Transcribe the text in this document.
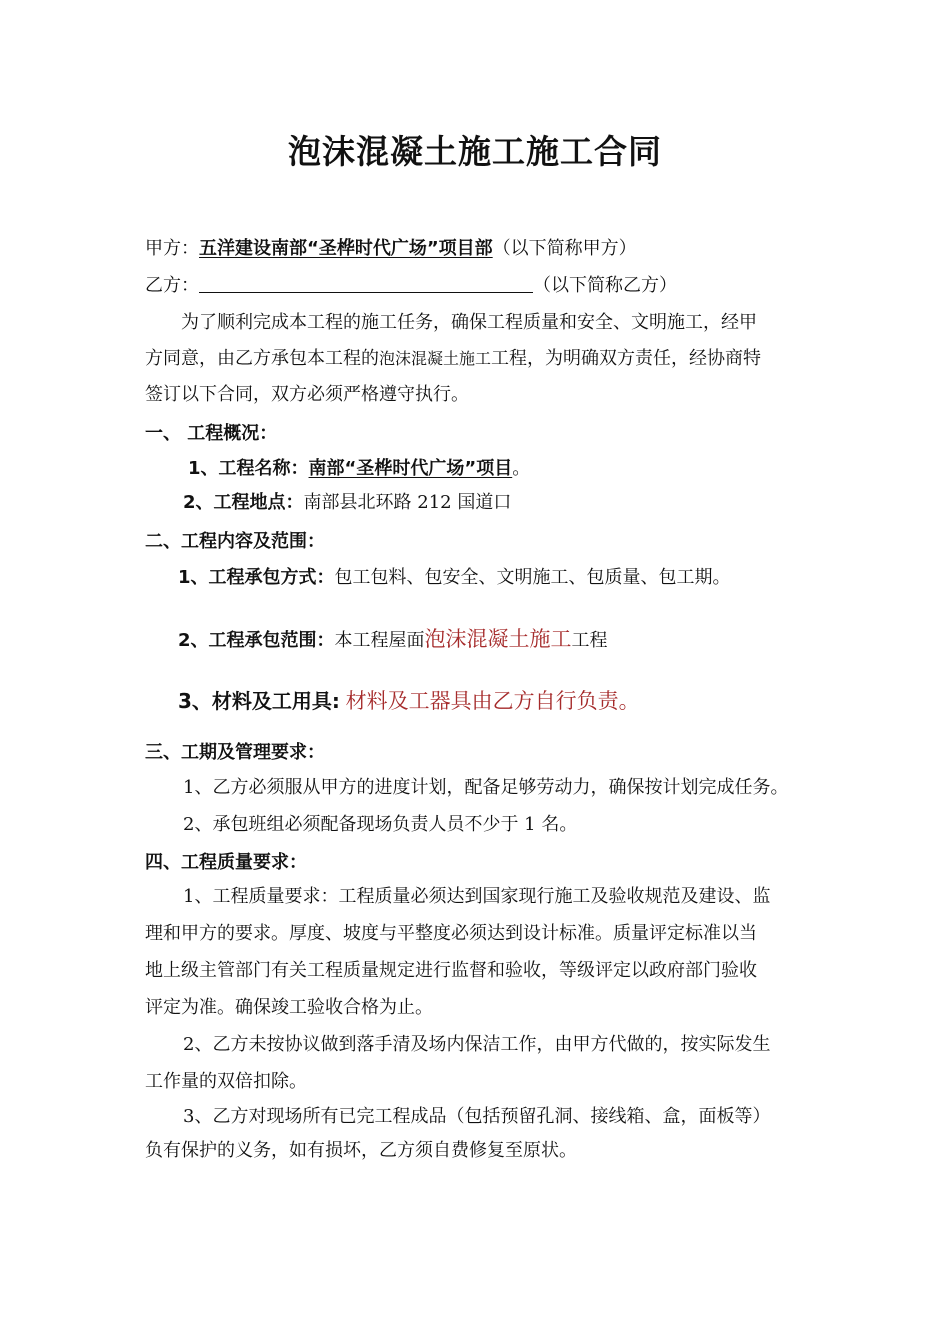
泡沫混凝土施工施工合同
甲方：五洋建设南部“圣桦时代广场”项目部（以下简称甲方）
乙方：	（以下简称乙方）
为了顺利完成本工程的施工任务，确保工程质量和安全、文明施工，经甲
方同意，由乙方承包本工程的泡沫混凝土施工工程，为明确双方责任，经协商特
签订以下合同，双方必须严格遵守执行。
一、 工程概况：
1、工程名称：南部“圣桦时代广场”项目。
2、工程地点：南部县北环路 212 国道口
二、工程内容及范围：
1、工程承包方式：包工包料、包安全、文明施工、包质量、包工期。
2、工程承包范围：本工程屋面泡沫混凝土施工工程
3、材料及工用具: 材料及工器具由乙方自行负责。
三、工期及管理要求：
1、乙方必须服从甲方的进度计划，配备足够劳动力，确保按计划完成任务。
2、承包班组必须配备现场负责人员不少于 1 名。
四、工程质量要求：
1、工程质量要求：工程质量必须达到国家现行施工及验收规范及建设、监
理和甲方的要求。厚度、坡度与平整度必须达到设计标准。质量评定标准以当
地上级主管部门有关工程质量规定进行监督和验收，等级评定以政府部门验收
评定为准。确保竣工验收合格为止。
2、乙方未按协议做到落手清及场内保洁工作，由甲方代做的，按实际发生
工作量的双倍扣除。
3、乙方对现场所有已完工程成品（包括预留孔洞、接线箱、盒，面板等）
负有保护的义务，如有损坏，乙方须自费修复至原状。
